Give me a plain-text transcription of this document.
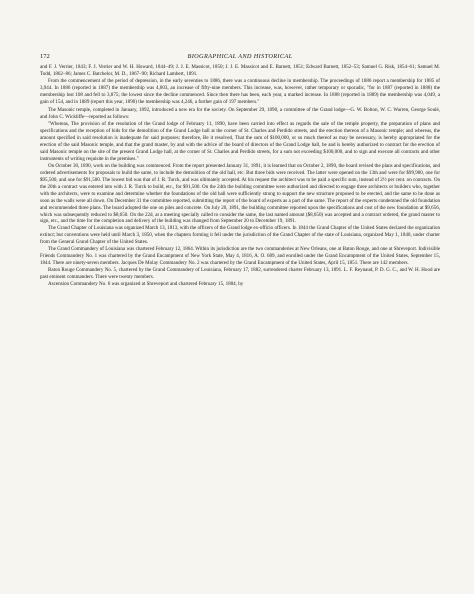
172	BIOGRAPHICAL AND HISTORICAL

and F. J. Verrier, 1843; F. J. Verrier and W. H. Howard, 1844–49; J. J. E. Massicot, 1850; J. J. E. Massicot and E. Barnett, 1851; Edward Barnett, 1852–53; Samuel G. Risk, 1854–61; Samuel M. Todd, 1862–86; James C. Batchelor, M. D., 1867–90; Richard Lambert, 1891.

From the commencement of the period of depression, in the early seventies to 1886, there was a continuous decline in membership. The proceedings of 1886 report a membership for 1885 of 3,944. In 1886 (reported in 1887) the membership was 4,003, an increase of fifty-nine members. This increase, was, however, rather temporary or sporadic, "for in 1887 (reported in 1888) the membership lost 108 and fell to 3,875; the lowest since the decline commenced. Since then there has been, each year, a marked increase. In 1888 (reported in 1889) the membership was 4,049, a gain of 154, and in 1889 (report this year, 1890) the membership was 4,246, a further gain of 197 members."

The Masonic temple, completed in January, 1892, introduced a new era for the society. On September 29, 1890, a committee of the Grand lodge—G. W. Bolton, W. C. Warren, George Soulé, and John C. Wickliffe—reported as follows:

"Whereas, The provision of the resolution of the Grand lodge of February 11, 1890, have been carried into effect as regards the sale of the temple property, the preparation of plans and specifications and the reception of bids for the demolition of the Grand Lodge hall at the corner of St. Charles and Perdido streets, and the erection thereon of a Masonic temple; and whereas, the amount specified in said resolution is inadequate for said purposes; therefore, Be it resolved, That the sum of $100,000, or so much thereof as may be necessary, is hereby appropriated for the erection of the said Masonic temple, and that the grand master, by and with the advice of the board of directors of the Grand Lodge hall, be and is hereby authorized to contract for the erection of said Masonic temple on the site of the present Grand Lodge hall, at the corner of St. Charles and Perdido streets, for a sum not exceeding $100,000, and to sign and execute all contracts and other instruments of writing requisite in the premises."

On October 30, 1890, work on the building was commenced. From the report presented January 31, 1891, it is learned that on October 2, 1890, the board revised the plans and specifications, and ordered advertisements for proposals to build the same, to include the demolition of the old hall, etc. But three bids were received. The latter were opened on the 13th and were for $99,900, one for $95,500, and one for $91,500. The lowest bid was that of J. R. Turck, and was ultimately accepted. At his request the architect was to be paid a specific sum, instead of 2½ per cent. on contracts. On the 20th a contract was entered into with J. R. Turck to build, etc., for $91,500. On the 24th the building committee were authorized and directed to engage three architects or builders who, together with the architects, were to examine and determine whether the foundations of the old hall were sufficiently strong to support the new structure proposed to be erected, and the same to be done as soon as the walls were all down. On December 31 the committee reported, submitting the report of the board of experts as a part of the same. The report of the experts condemned the old foundation and recommended three plans. The board adopted the one on piles and concrete. On July 20, 1891, the building committee reported upon the specifications and cost of the new foundation at $9,656, which was subsequently reduced to $8,650. On the 22d, at a meeting specially called to consider the same, the last named amount ($8,650) was accepted and a contract ordered, the grand master to sign, etc., and the time for the completion and delivery of the building was changed from September 20 to December 19, 1891.

The Grand Chapter of Louisiana was organized March 13, 1813, with the officers of the Grand lodge ex-officio officers. In 1844 the Grand Chapter of the United States declared the organization extinct; but conventions were held until March 3, 1850, when the chapters forming it fell under the jurisdiction of the Grand Chapter of the state of Louisiana, organized May 1, 1848, under charter from the General Grand Chapter of the United States.

The Grand Commandery of Louisiana was chartered February 12, 1864. Within its jurisdiction are the two commanderies at New Orleans, one at Baton Rouge, and one at Shreveport. Indivisible Friends Commandery No. 1 was chartered by the Grand Encampment of New York State, May 4, 1816, A. O. 689, and enrolled under the Grand Encampment of the United States, September 15, 1844. There are ninety-seven members. Jacques De Molay Commandery No. 2 was chartered by the Grand Encampment of the United States, April 15, 1851. There are 142 members.

Baton Rouge Commandery No. 5, chartered by the Grand Commandery of Louisiana, February 17, 1882, surrendered charter February 13, 1891. L. F. Reynaud, P. D. G. C., and W. H. Hood are past eminent commanders. There were twenty members.

Ascension Commandery No. 6 was organized at Shreveport and chartered February 15, 1884, by
